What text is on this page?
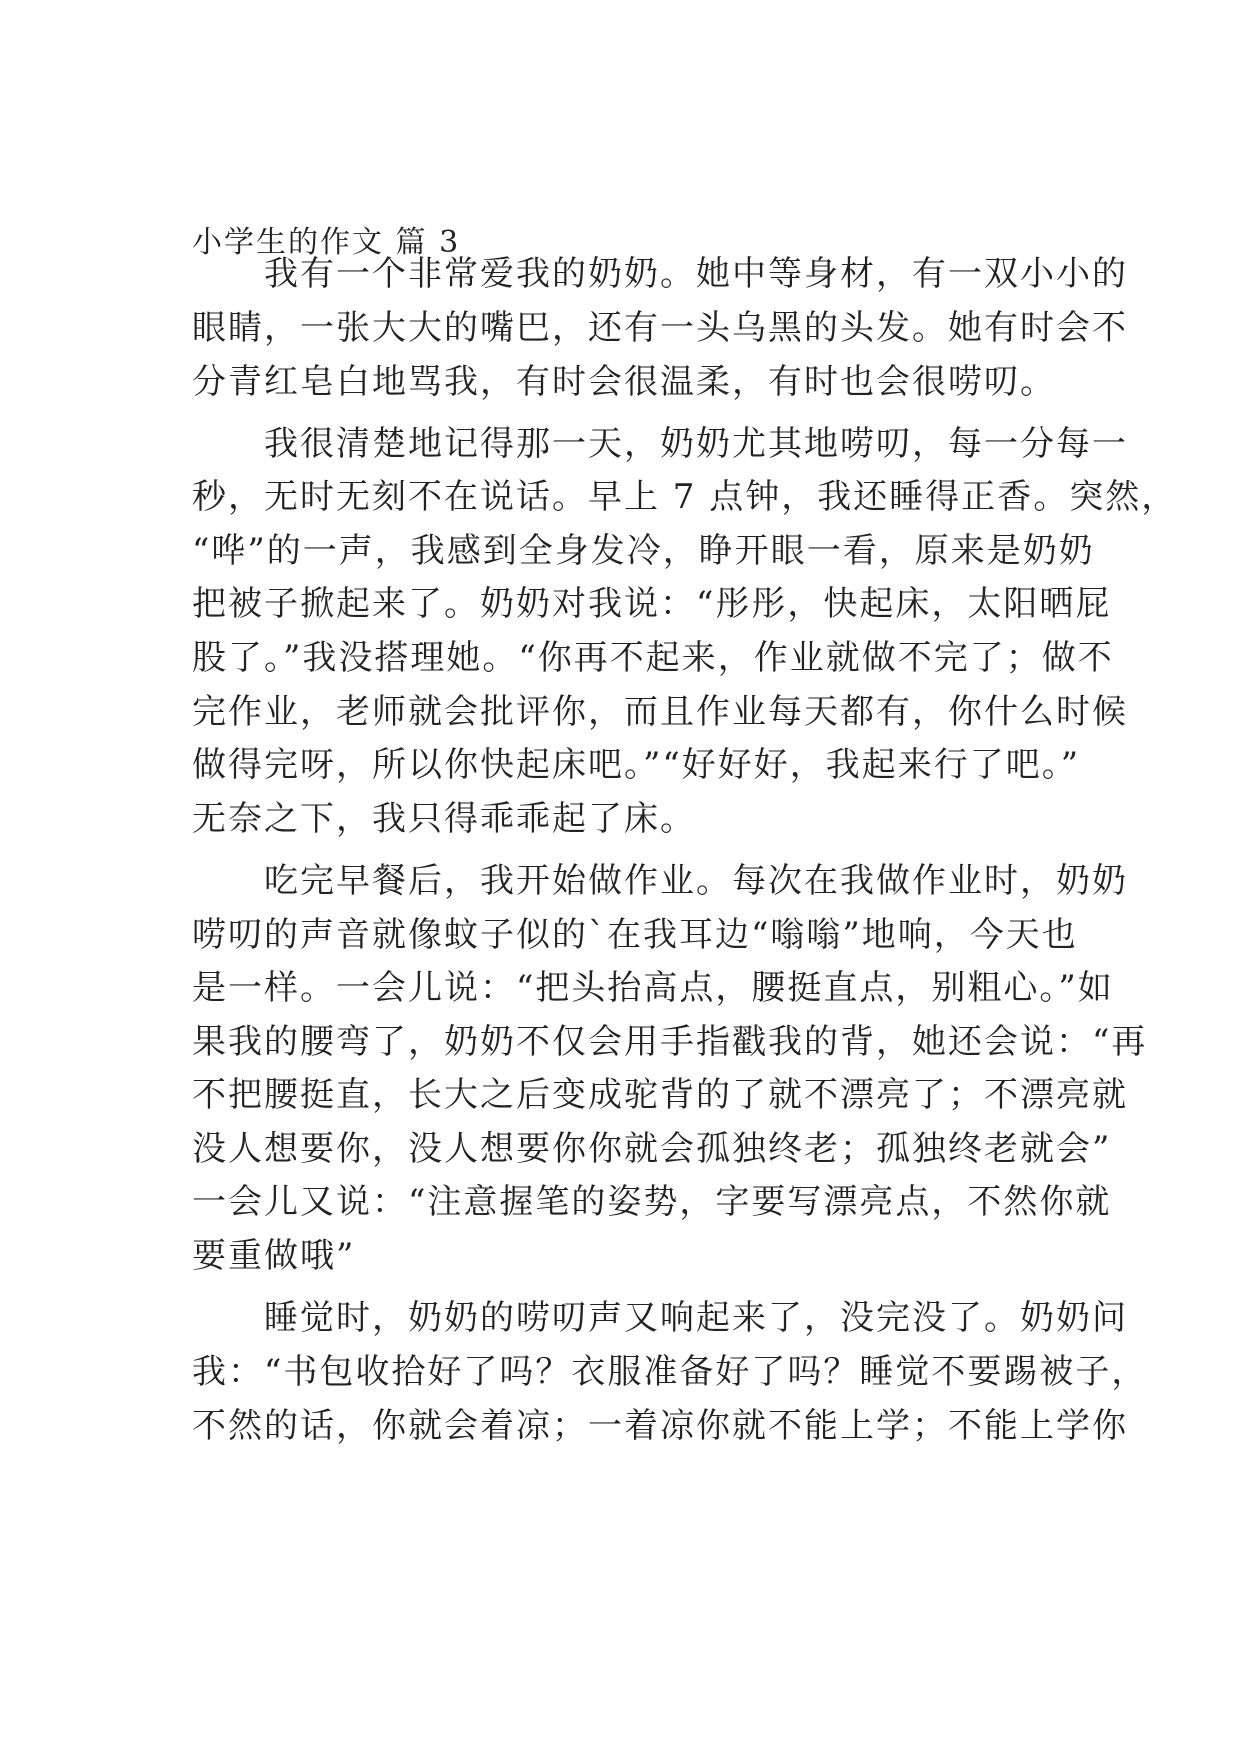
小学生的作文 篇 3
　　我有一个非常爱我的奶奶。她中等身材，有一双小小的
眼睛，一张大大的嘴巴，还有一头乌黑的头发。她有时会不
分青红皂白地骂我，有时会很温柔，有时也会很唠叨。
　　我很清楚地记得那一天，奶奶尤其地唠叨，每一分每一
秒，无时无刻不在说话。早上 7 点钟，我还睡得正香。突然，
“哗”的一声，我感到全身发冷，睁开眼一看，原来是奶奶
把被子掀起来了。奶奶对我说：“彤彤，快起床，太阳晒屁
股了。”我没搭理她。“你再不起来，作业就做不完了；做不
完作业，老师就会批评你，而且作业每天都有，你什么时候
做得完呀，所以你快起床吧。”“好好好，我起来行了吧。”
无奈之下，我只得乖乖起了床。
　　吃完早餐后，我开始做作业。每次在我做作业时，奶奶
唠叨的声音就像蚊子似的`在我耳边“嗡嗡”地响，今天也
是一样。一会儿说：“把头抬高点，腰挺直点，别粗心。”如
果我的腰弯了，奶奶不仅会用手指戳我的背，她还会说：“再
不把腰挺直，长大之后变成驼背的了就不漂亮了；不漂亮就
没人想要你，没人想要你你就会孤独终老；孤独终老就会”
一会儿又说：“注意握笔的姿势，字要写漂亮点，不然你就
要重做哦”
　　睡觉时，奶奶的唠叨声又响起来了，没完没了。奶奶问
我：“书包收拾好了吗？衣服准备好了吗？睡觉不要踢被子，
不然的话，你就会着凉；一着凉你就不能上学；不能上学你
